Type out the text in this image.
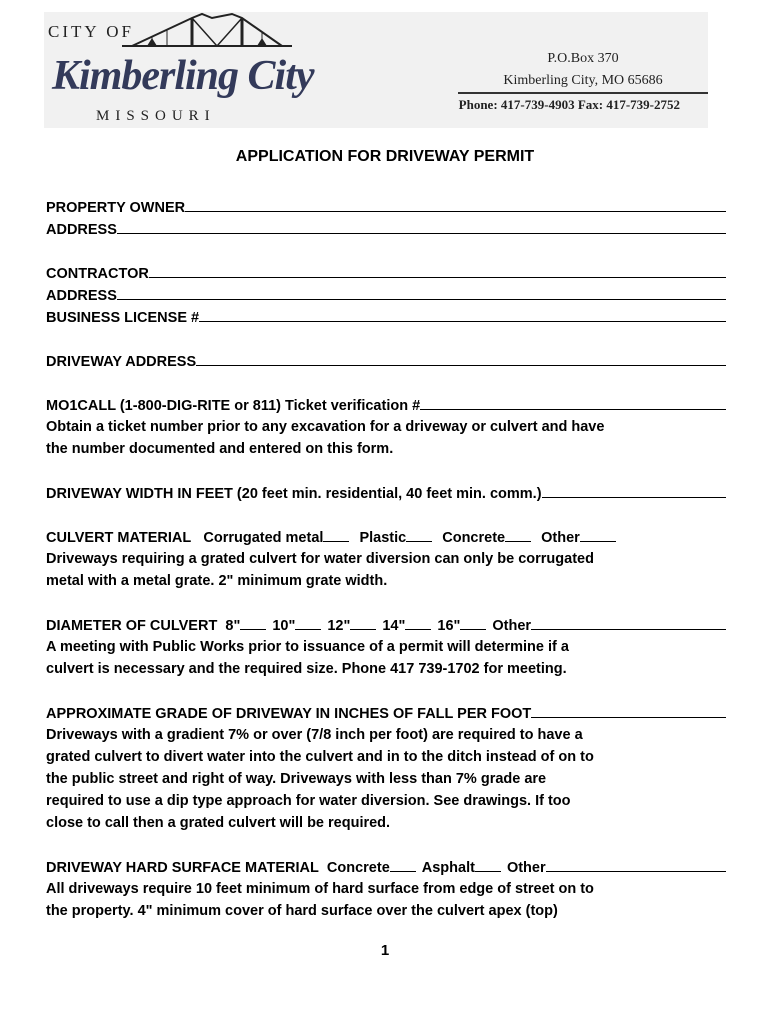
CITY OF
Kimberling City
MISSOURI
P.O.Box 370
Kimberling City, MO 65686
Phone: 417-739-4903 Fax: 417-739-2752
APPLICATION FOR DRIVEWAY PERMIT
PROPERTY OWNER
ADDRESS
CONTRACTOR
ADDRESS
BUSINESS LICENSE #
DRIVEWAY ADDRESS
MO1CALL (1-800-DIG-RITE or 811) Ticket verification #
Obtain a ticket number prior to any excavation for a driveway or culvert and have
the number documented and entered on this form.
DRIVEWAY WIDTH IN FEET (20 feet min. residential, 40 feet min. comm.)
CULVERT MATERIAL Corrugated metal Plastic Concrete Other
Driveways requiring a grated culvert for water diversion can only be corrugated
metal with a metal grate. 2" minimum grate width.
DIAMETER OF CULVERT
8" 10" 12" 14" 16" Other
A meeting with Public Works prior to issuance of a permit will determine if a
culvert is necessary and the required size. Phone 417 739-1702 for meeting.
APPROXIMATE GRADE OF DRIVEWAY IN INCHES OF FALL PER FOOT
Driveways with a gradient 7% or over (7/8 inch per foot) are required to have a
grated culvert to divert water into the culvert and in to the ditch instead of on to
the public street and right of way. Driveways with less than 7% grade are
required to use a dip type approach for water diversion. See drawings. If too
close to call then a grated culvert will be required.
DRIVEWAY HARD SURFACE MATERIAL
Concrete Asphalt Other
All driveways require 10 feet minimum of hard surface from edge of street on to
the property. 4" minimum cover of hard surface over the culvert apex (top)
1
